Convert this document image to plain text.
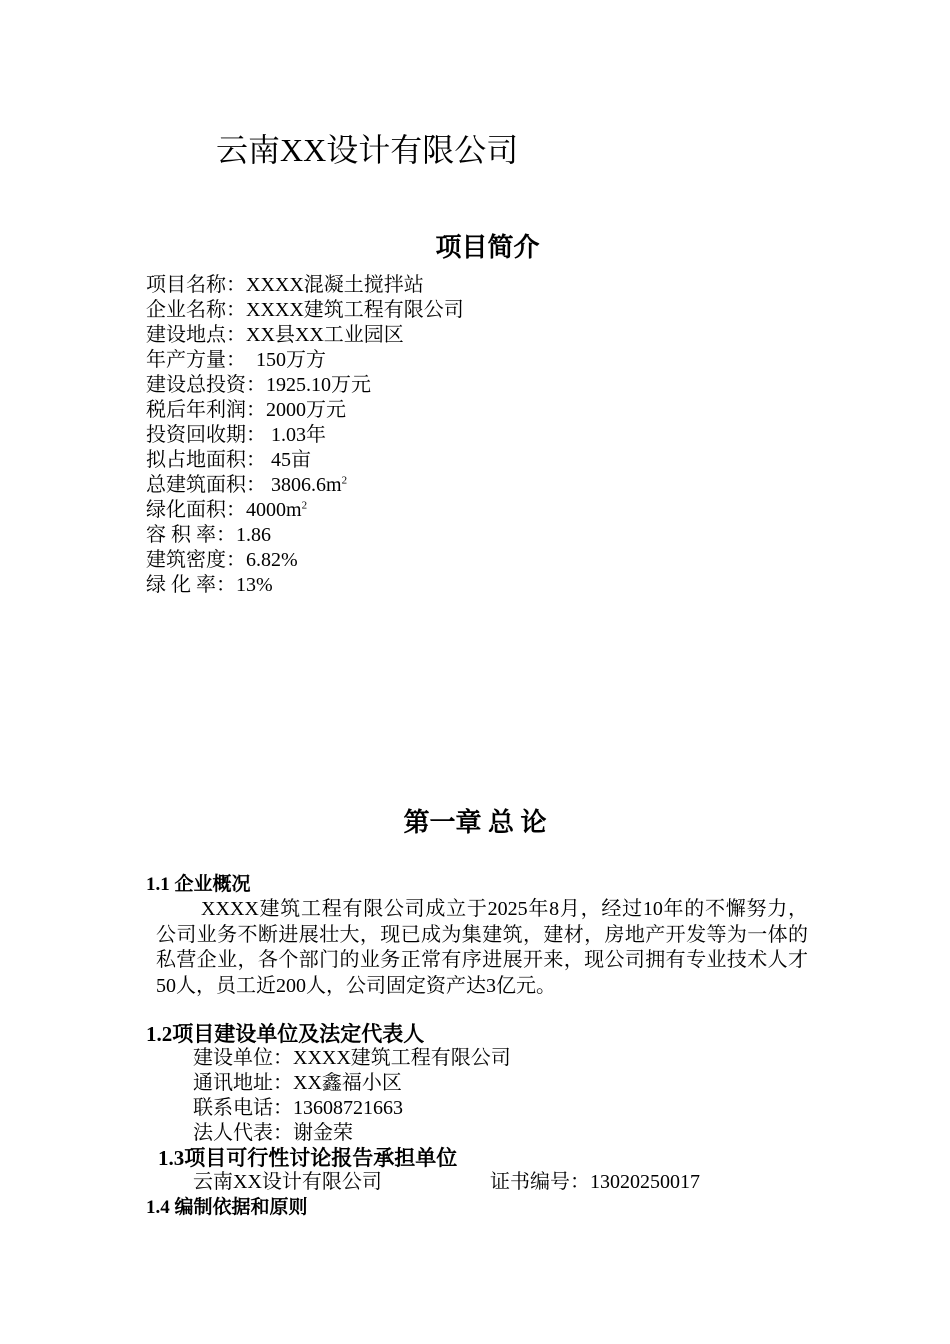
云南XX设计有限公司
项目简介
项目名称：XXXX混凝土搅拌站
企业名称：XXXX建筑工程有限公司
建设地点：XX县XX工业园区
年产方量：  150万方
建设总投资：1925.10万元
税后年利润：2000万元
投资回收期： 1.03年
拟占地面积： 45亩
总建筑面积： $3806.6m^2$
绿化面积：$4000m^2$
容 积 率：1.86
建筑密度：6.82%
绿 化 率：13%
第一章 总 论
1.1 企业概况
XXXX建筑工程有限公司成立于2025年8月，经过10年的不懈努力，公司业务不断进展壮大，现已成为集建筑，建材，房地产开发等为一体的私营企业，各个部门的业务正常有序进展开来，现公司拥有专业技术人才50人，员工近200人，公司固定资产达3亿元。
1.2项目建设单位及法定代表人
建设单位：XXXX建筑工程有限公司
通讯地址：XX鑫福小区
联系电话：13608721663
法人代表：谢金荣
1.3项目可行性讨论报告承担单位
云南XX设计有限公司	证书编号：13020250017
1.4 编制依据和原则
